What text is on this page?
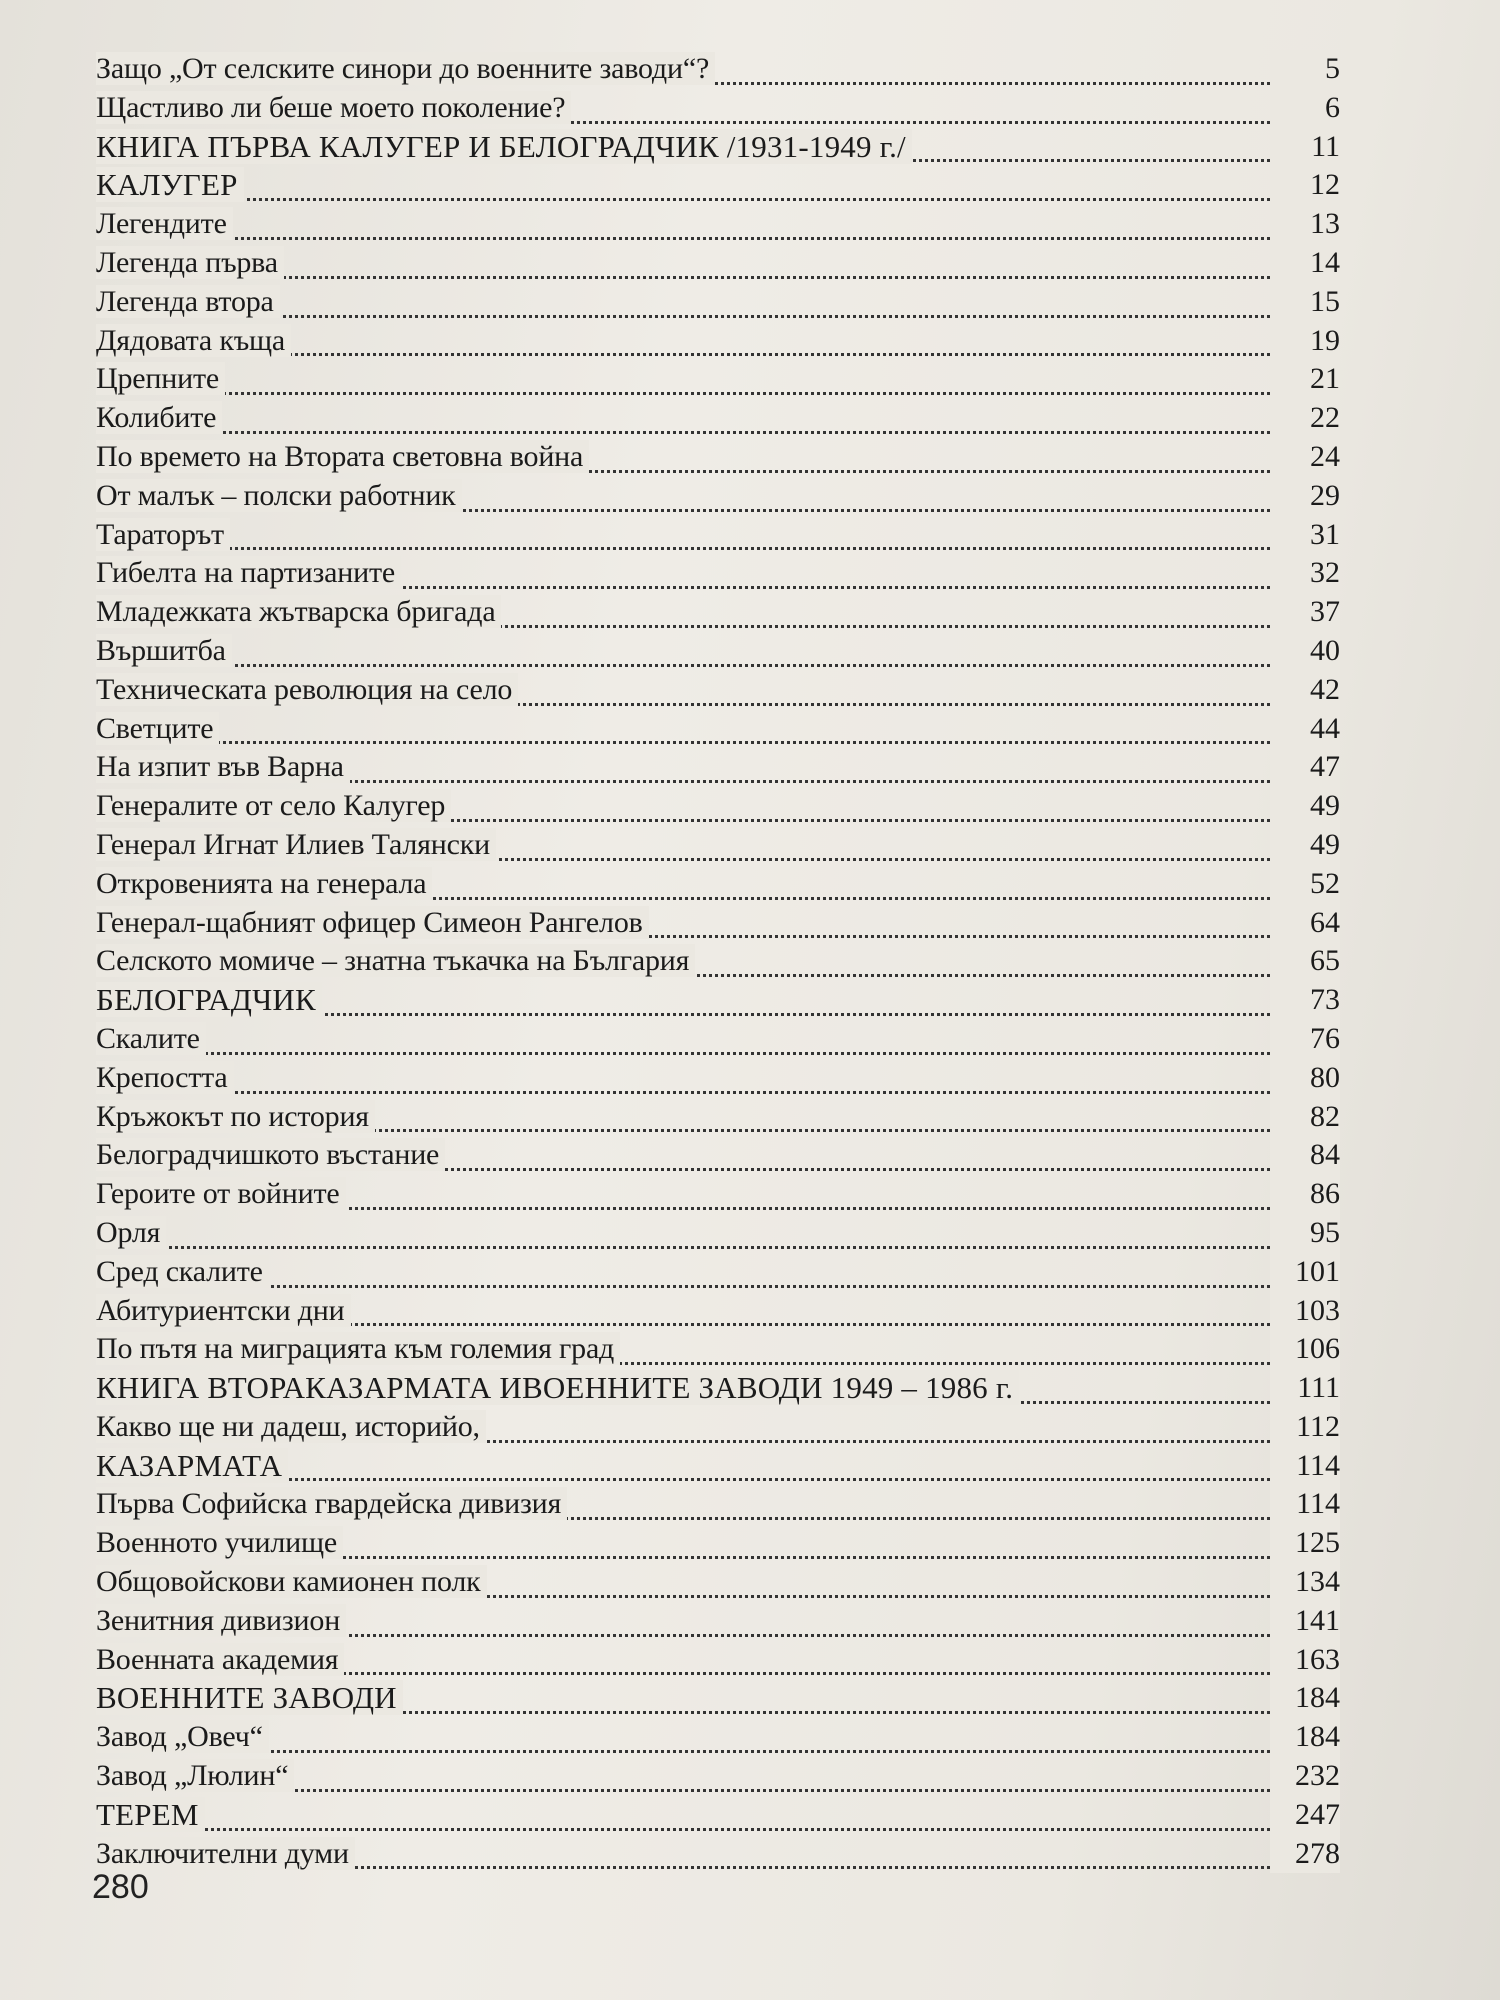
Защо „От селските синори до военните заводи“?	5
Щастливо ли беше моето поколение?	6
КНИГА ПЪРВА КАЛУГЕР И БЕЛОГРАДЧИК /1931-1949 г./	11
КАЛУГЕР	12
Легендите	13
Легенда първа	14
Легенда втора	15
Дядовата къща	19
Црепните	21
Колибите	22
По времето на Втората световна война	24
От малък – полски работник	29
Тараторът	31
Гибелта на партизаните	32
Младежката жътварска бригада	37
Вършитба	40
Техническата революция на село	42
Светците	44
На изпит във Варна	47
Генералите от село Калугер	49
Генерал Игнат Илиев Талянски	49
Откровенията на генерала	52
Генерал-щабният офицер Симеон Рангелов	64
Селското момиче – знатна тъкачка на България	65
БЕЛОГРАДЧИК	73
Скалите	76
Крепостта	80
Кръжокът по история	82
Белоградчишкото въстание	84
Героите от войните	86
Орля	95
Сред скалите	101
Абитуриентски дни	103
По пътя на миграцията към големия град	106
КНИГА ВТОРАКАЗАРМАТА ИВОЕННИТЕ ЗАВОДИ 1949 – 1986 г.	111
Какво ще ни дадеш, историйо,	112
КАЗАРМАТА	114
Първа Софийска гвардейска дивизия	114
Военното училище	125
Общовойскови камионен полк	134
Зенитния дивизион	141
Военната академия	163
ВОЕННИТЕ ЗАВОДИ	184
Завод „Овеч“	184
Завод „Люлин“	232
ТЕРЕМ	247
Заключителни думи	278
280
